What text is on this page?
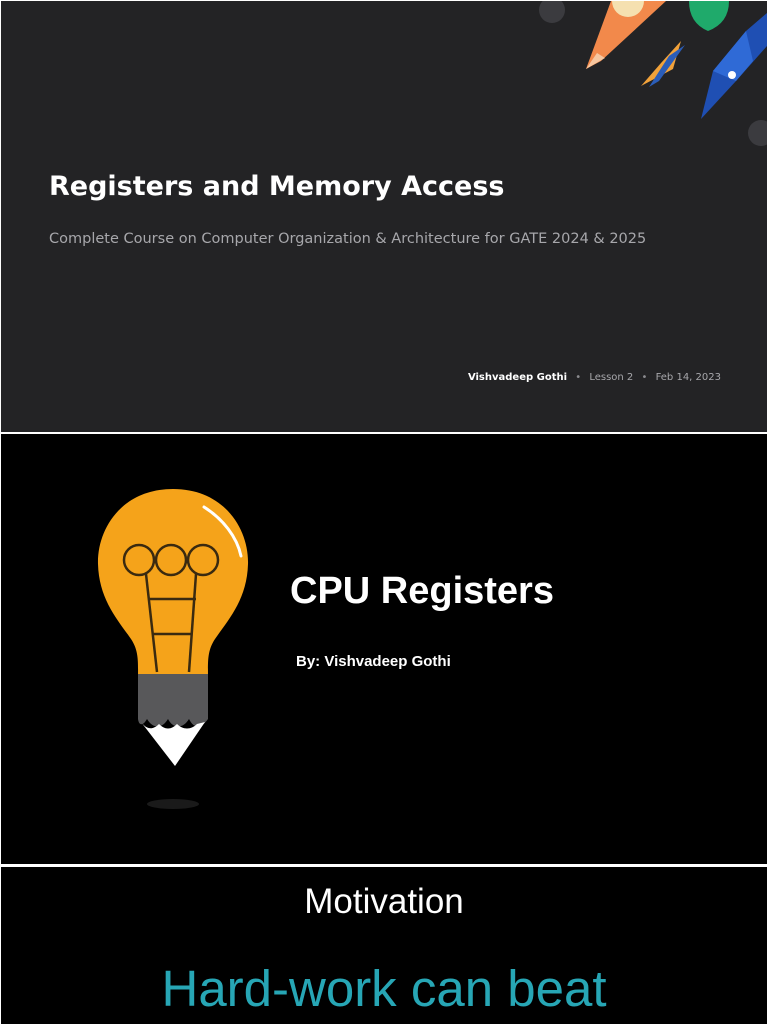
Registers and Memory Access
Complete Course on Computer Organization & Architecture for GATE 2024 & 2025
Vishvadeep Gothi • Lesson 2 • Feb 14, 2023
CPU Registers
By: Vishvadeep Gothi
Motivation
Hard-work can beat
